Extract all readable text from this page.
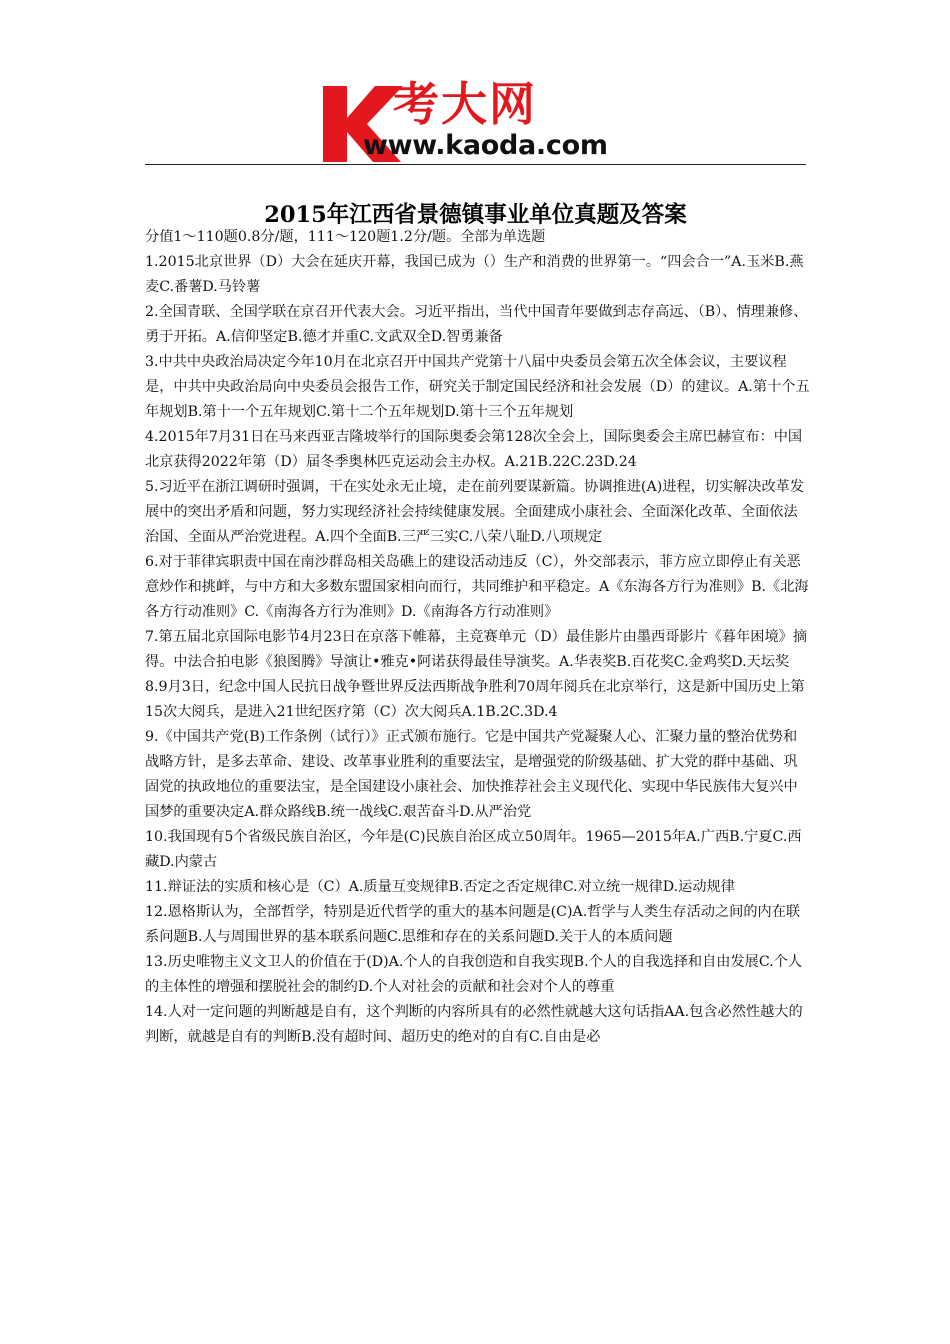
考大网
www.kaoda.com
2015年江西省景德镇事业单位真题及答案

分值1～110题0.8分/题，111～120题1.2分/题。全部为单选题

1.2015北京世界（D）大会在延庆开幕，我国已成为（）生产和消费的世界第一。“四会合一”A.玉米B.燕麦C.番薯D.马铃薯

2.全国青联、全国学联在京召开代表大会。习近平指出，当代中国青年要做到志存高远、（B）、情理兼修、勇于开拓。A.信仰坚定B.德才并重C.文武双全D.智勇兼备

3.中共中央政治局决定今年10月在北京召开中国共产党第十八届中央委员会第五次全体会议，主要议程是，中共中央政治局向中央委员会报告工作，研究关于制定国民经济和社会发展（D）的建议。A.第十个五年规划B.第十一个五年规划C.第十二个五年规划D.第十三个五年规划

4.2015年7月31日在马来西亚吉隆坡举行的国际奥委会第128次全会上，国际奥委会主席巴赫宣布：中国北京获得2022年第（D）届冬季奥林匹克运动会主办权。A.21B.22C.23D.24

5.习近平在浙江调研时强调，干在实处永无止境，走在前列要谋新篇。协调推进(A)进程，切实解决改革发展中的突出矛盾和问题，努力实现经济社会持续健康发展。全面建成小康社会、全面深化改革、全面依法治国、全面从严治党进程。A.四个全面B.三严三实C.八荣八耻D.八项规定

6.对于菲律宾职责中国在南沙群岛相关岛礁上的建设活动违反（C），外交部表示，菲方应立即停止有关恶意炒作和挑衅，与中方和大多数东盟国家相向而行，共同维护和平稳定。A《东海各方行为准则》B.《北海各方行动准则》C.《南海各方行为准则》D.《南海各方行动准则》

7.第五届北京国际电影节4月23日在京落下帷幕，主竞赛单元（D）最佳影片由墨西哥影片《暮年困境》摘得。中法合拍电影《狼图腾》导演让•雅克•阿诺获得最佳导演奖。A.华表奖B.百花奖C.金鸡奖D.天坛奖

8.9月3日，纪念中国人民抗日战争暨世界反法西斯战争胜利70周年阅兵在北京举行，这是新中国历史上第15次大阅兵，是进入21世纪医疗第（C）次大阅兵A.1B.2C.3D.4

9.《中国共产党(B)工作条例（试行）》正式颁布施行。它是中国共产党凝聚人心、汇聚力量的整治优势和战略方针，是多去革命、建设、改革事业胜利的重要法宝，是增强党的阶级基础、扩大党的群中基础、巩固党的执政地位的重要法宝，是全国建设小康社会、加快推荐社会主义现代化、实现中华民族伟大复兴中国梦的重要决定A.群众路线B.统一战线C.艰苦奋斗D.从严治党

10.我国现有5个省级民族自治区，今年是(C)民族自治区成立50周年。1965—2015年A.广西B.宁夏C.西藏D.内蒙古

11.辩证法的实质和核心是（C）A.质量互变规律B.否定之否定规律C.对立统一规律D.运动规律

12.恩格斯认为，全部哲学，特别是近代哲学的重大的基本问题是(C)A.哲学与人类生存活动之间的内在联系问题B.人与周围世界的基本联系问题C.思维和存在的关系问题D.关于人的本质问题

13.历史唯物主义文卫人的价值在于(D)A.个人的自我创造和自我实现B.个人的自我选择和自由发展C.个人的主体性的增强和摆脱社会的制约D.个人对社会的贡献和社会对个人的尊重

14.人对一定问题的判断越是自有，这个判断的内容所具有的必然性就越大这句话指AA.包含必然性越大的判断，就越是自有的判断B.没有超时间、超历史的绝对的自有C.自由是必
